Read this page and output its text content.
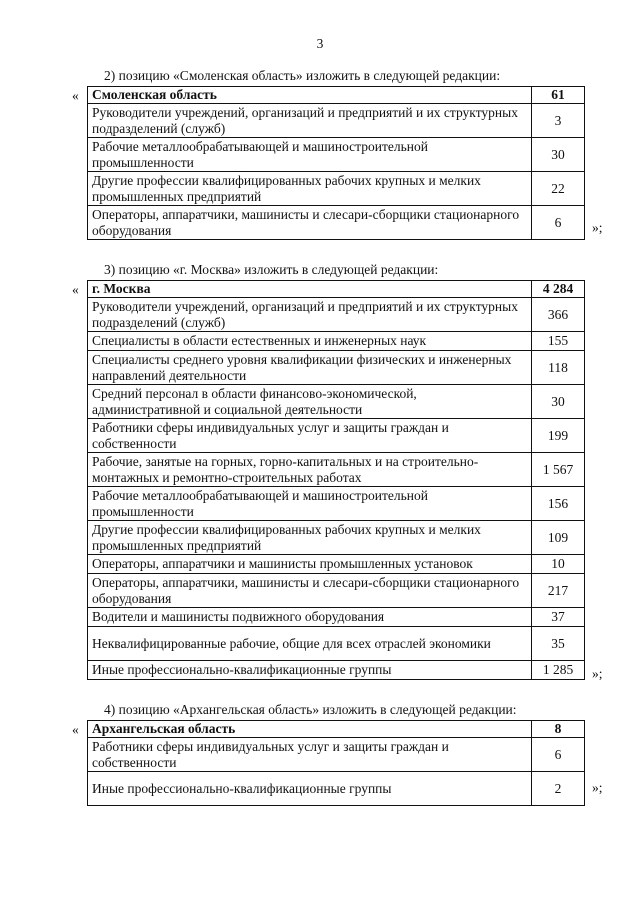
3
2) позицию «Смоленская область» изложить в следующей редакции:
« Смоленская область	61
Руководители учреждений, организаций и предприятий и их структурных подразделений (служб)	3
Рабочие металлообрабатывающей и машиностроительной промышленности	30
Другие профессии квалифицированных рабочих крупных и мелких промышленных предприятий	22
Операторы, аппаратчики, машинисты и слесари-сборщики стационарного оборудования	6 »;
3) позицию «г. Москва» изложить в следующей редакции:
« г. Москва	4 284
Руководители учреждений, организаций и предприятий и их структурных подразделений (служб)	366
Специалисты в области естественных и инженерных наук	155
Специалисты среднего уровня квалификации физических и инженерных направлений деятельности	118
Средний персонал в области финансово-экономической, административной и социальной деятельности	30
Работники сферы индивидуальных услуг и защиты граждан и собственности	199
Рабочие, занятые на горных, горно-капитальных и на строительно-монтажных и ремонтно-строительных работах	1 567
Рабочие металлообрабатывающей и машиностроительной промышленности	156
Другие профессии квалифицированных рабочих крупных и мелких промышленных предприятий	109
Операторы, аппаратчики и машинисты промышленных установок	10
Операторы, аппаратчики, машинисты и слесари-сборщики стационарного оборудования	217
Водители и машинисты подвижного оборудования	37
Неквалифицированные рабочие, общие для всех отраслей экономики	35
Иные профессионально-квалификационные группы	1 285 »;
4) позицию «Архангельская область» изложить в следующей редакции:
« Архангельская область	8
Работники сферы индивидуальных услуг и защиты граждан и собственности	6
Иные профессионально-квалификационные группы	2 »;
